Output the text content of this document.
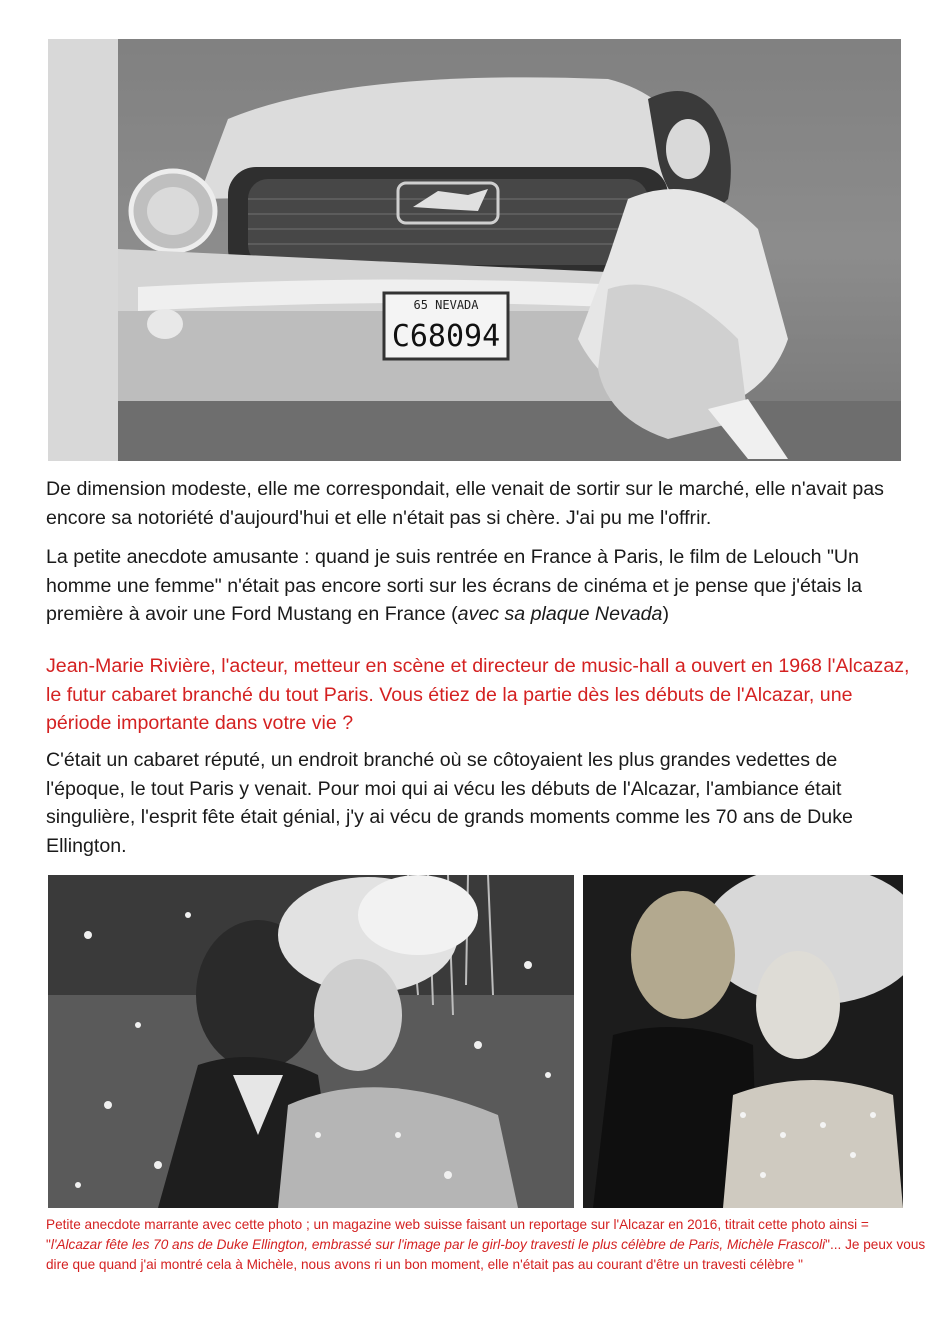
65 NEVADA
C68094

De dimension modeste, elle me correspondait, elle venait de sortir sur le marché, elle n'avait pas encore sa notoriété d'aujourd'hui et elle n'était pas si chère. J'ai pu me l'offrir.

La petite anecdote amusante : quand je suis rentrée en France à Paris, le film de Lelouch "Un homme une femme" n'était pas encore sorti sur les écrans de cinéma et je pense que j'étais la première à avoir une Ford Mustang en France (avec sa plaque Nevada)

Jean-Marie Rivière, l'acteur, metteur en scène et directeur de music-hall a ouvert en 1968 l'Alcazaz, le futur cabaret branché du tout Paris. Vous étiez de la partie dès les débuts de l'Alcazar, une période importante dans votre vie ?

C'était un cabaret réputé, un endroit branché où se côtoyaient les plus grandes vedettes de l'époque, le tout Paris y venait. Pour moi qui ai vécu les débuts de l'Alcazar, l'ambiance était singulière, l'esprit fête était génial, j'y ai vécu de grands moments comme les 70 ans de Duke Ellington.

Petite anecdote marrante avec cette photo ; un magazine web suisse faisant un reportage sur l'Alcazar en 2016, titrait cette photo ainsi = "l'Alcazar fête les 70 ans de Duke Ellington, embrassé sur l'image par le girl-boy travesti le plus célèbre de Paris, Michèle Frascoli"... Je peux vous dire que quand j'ai montré cela à Michèle, nous avons ri un bon moment, elle n'était pas au courant d'être un travesti célèbre "
